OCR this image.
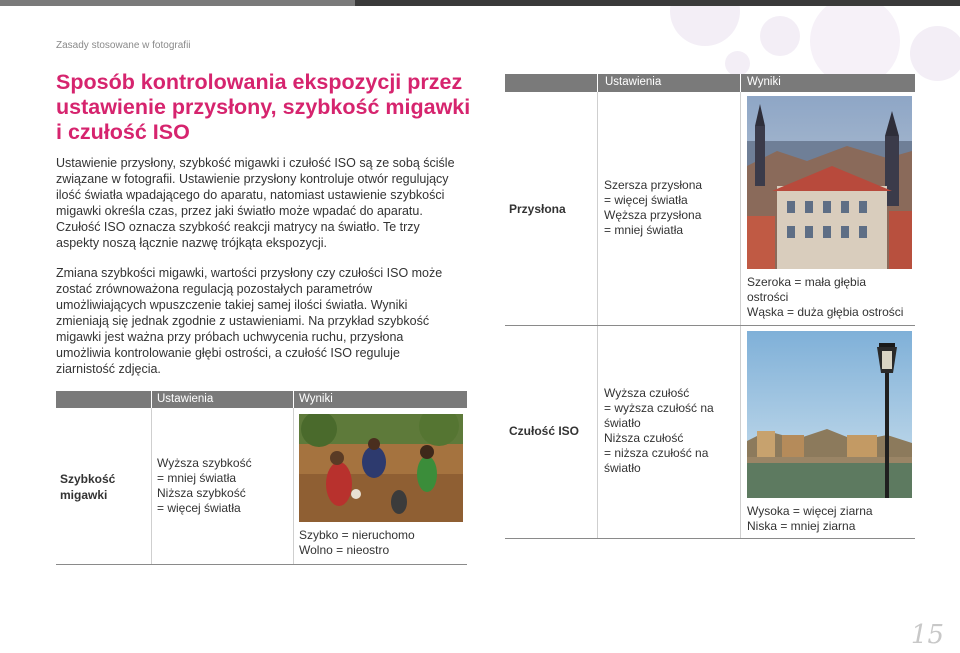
Zasady stosowane w fotografii
Sposób kontrolowania ekspozycji przez ustawienie przysłony, szybkość migawki i czułość ISO

Ustawienie przysłony, szybkość migawki i czułość ISO są ze sobą ściśle związane w fotografii. Ustawienie przysłony kontroluje otwór regulujący ilość światła wpadającego do aparatu, natomiast ustawienie szybkości migawki określa czas, przez jaki światło może wpadać do aparatu. Czułość ISO oznacza szybkość reakcji matrycy na światło. Te trzy aspekty noszą łącznie nazwę trójkąta ekspozycji.

Zmiana szybkości migawki, wartości przysłony czy czułości ISO może zostać zrównoważona regulacją pozostałych parametrów umożliwiających wpuszczenie takiej samej ilości światła. Wyniki zmieniają się jednak zgodnie z ustawieniami. Na przykład szybkość migawki jest ważna przy próbach uchwycenia ruchu, przysłona umożliwia kontrolowanie głębi ostrości, a czułość ISO reguluje ziarnistość zdjęcia.

Ustawienia	Wyniki
Szybkość
migawki
Wyższa szybkość
= mniej światła
Niższa szybkość
= więcej światła
Szybko = nieruchomo
Wolno = nieostro
Ustawienia	Wyniki
Przysłona
Szersza przysłona
= więcej światła
Węższa przysłona
= mniej światła
Szeroka = mała głębia
ostrości
Wąska = duża głębia ostrości
Czułość ISO
Wyższa czułość
= wyższa czułość na
światło
Niższa czułość
= niższa czułość na
światło
Wysoka = więcej ziarna
Niska = mniej ziarna
15
